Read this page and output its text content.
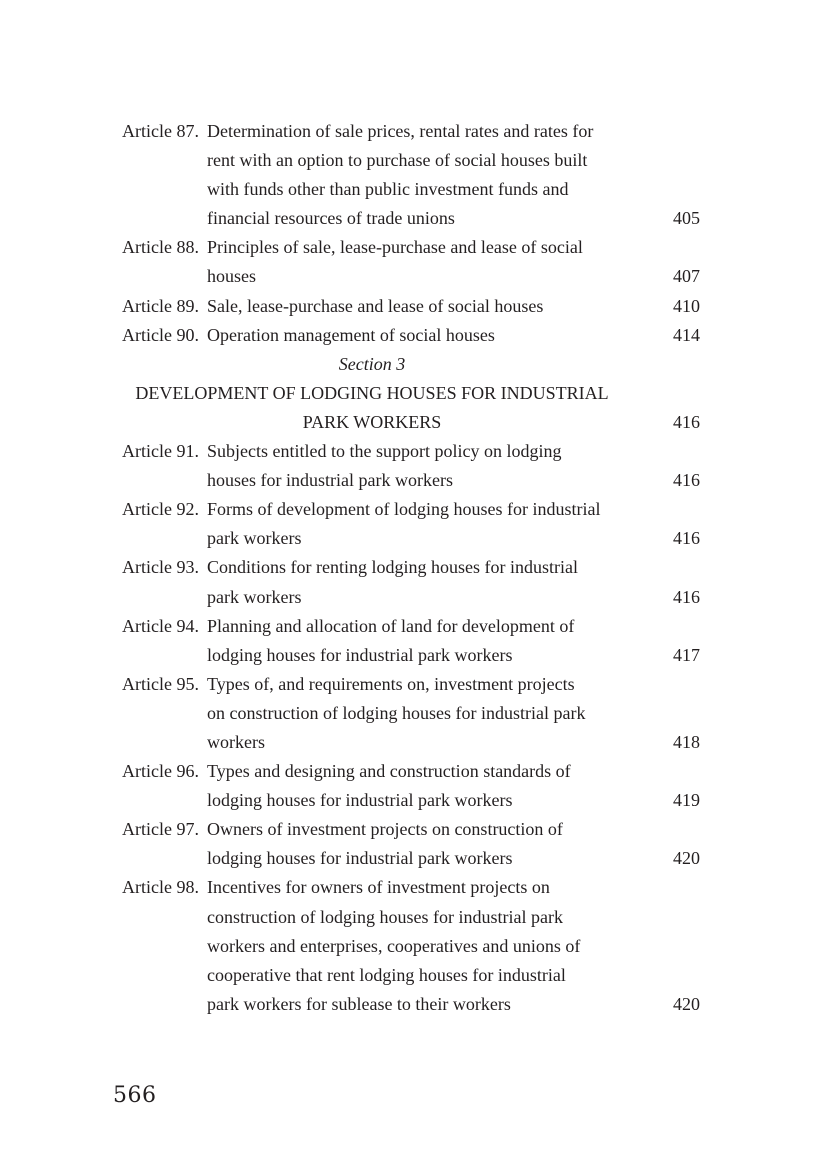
Article 87. Determination of sale prices, rental rates and rates for
rent with an option to purchase of social houses built
with funds other than public investment funds and
financial resources of trade unions	405
Article 88. Principles of sale, lease-purchase and lease of social
houses	407
Article 89. Sale, lease-purchase and lease of social houses	410
Article 90. Operation management of social houses	414
Section 3
DEVELOPMENT OF LODGING HOUSES FOR INDUSTRIAL
PARK WORKERS	416
Article 91. Subjects entitled to the support policy on lodging
houses for industrial park workers	416
Article 92. Forms of development of lodging houses for industrial
park workers	416
Article 93. Conditions for renting lodging houses for industrial
park workers	416
Article 94. Planning and allocation of land for development of
lodging houses for industrial park workers	417
Article 95. Types of, and requirements on, investment projects
on construction of lodging houses for industrial park
workers	418
Article 96. Types and designing and construction standards of
lodging houses for industrial park workers	419
Article 97. Owners of investment projects on construction of
lodging houses for industrial park workers	420
Article 98. Incentives for owners of investment projects on
construction of lodging houses for industrial park
workers and enterprises, cooperatives and unions of
cooperative that rent lodging houses for industrial
park workers for sublease to their workers	420
566
